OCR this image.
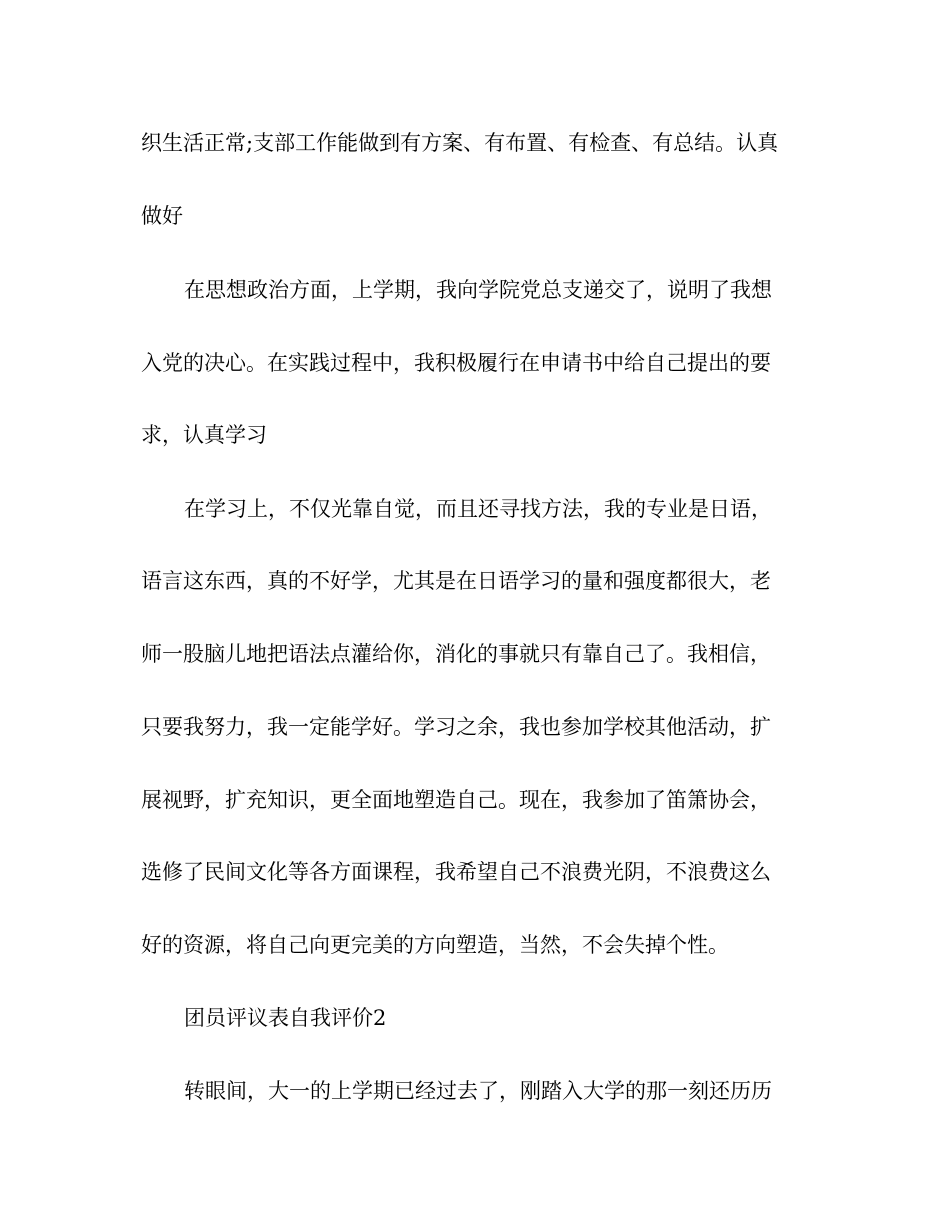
织生活正常;支部工作能做到有方案、有布置、有检查、有总结。认真

做好

在思想政治方面，上学期，我向学院党总支递交了，说明了我想

入党的决心。在实践过程中，我积极履行在申请书中给自己提出的要

求，认真学习

在学习上，不仅光靠自觉，而且还寻找方法，我的专业是日语，

语言这东西，真的不好学，尤其是在日语学习的量和强度都很大，老

师一股脑儿地把语法点灌给你，消化的事就只有靠自己了。我相信，

只要我努力，我一定能学好。学习之余，我也参加学校其他活动，扩

展视野，扩充知识，更全面地塑造自己。现在，我参加了笛箫协会，

选修了民间文化等各方面课程，我希望自己不浪费光阴，不浪费这么

好的资源，将自己向更完美的方向塑造，当然，不会失掉个性。

团员评议表自我评价2

转眼间，大一的上学期已经过去了，刚踏入大学的那一刻还历历
